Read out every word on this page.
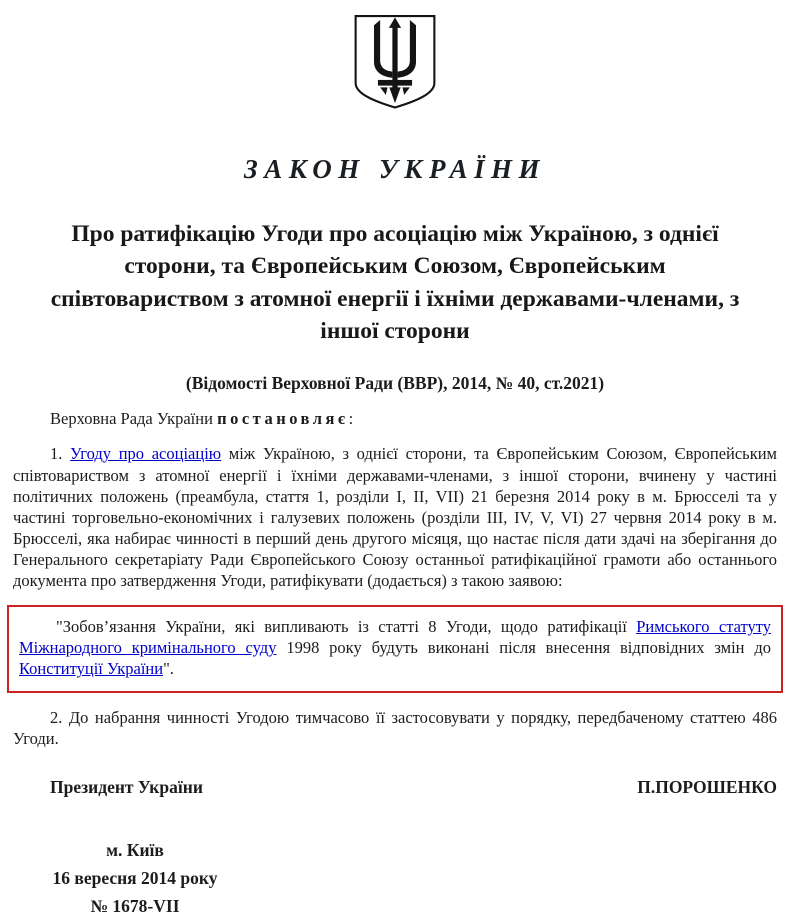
ЗАКОН УКРАЇНИ
Про ратифікацію Угоди про асоціацію між Україною, з однієї сторони, та Європейським Союзом, Європейським співтовариством з атомної енергії і їхніми державами-членами, з іншої сторони
(Відомості Верховної Ради (ВВР), 2014, № 40, ст.2021)

Верховна Рада України постановляє:

1. Угоду про асоціацію між Україною, з однієї сторони, та Європейським Союзом, Європейським співтовариством з атомної енергії і їхніми державами-членами, з іншої сторони, вчинену у частині політичних положень (преамбула, стаття 1, розділи I, II, VII) 21 березня 2014 року в м. Брюсселі та у частині торговельно-економічних і галузевих положень (розділи III, IV, V, VI) 27 червня 2014 року в м. Брюсселі, яка набирає чинності в перший день другого місяця, що настає після дати здачі на зберігання до Генерального секретаріату Ради Європейського Союзу останньої ратифікаційної грамоти або останнього документа про затвердження Угоди, ратифікувати (додається) з такою заявою:

"Зобов’язання України, які випливають із статті 8 Угоди, щодо ратифікації Римського статуту Міжнародного кримінального суду 1998 року будуть виконані після внесення відповідних змін до Конституції України".

2. До набрання чинності Угодою тимчасово її застосовувати у порядку, передбаченому статтею 486 Угоди.

Президент України	П.ПОРОШЕНКО
м. Київ
16 вересня 2014 року
№ 1678-VII
